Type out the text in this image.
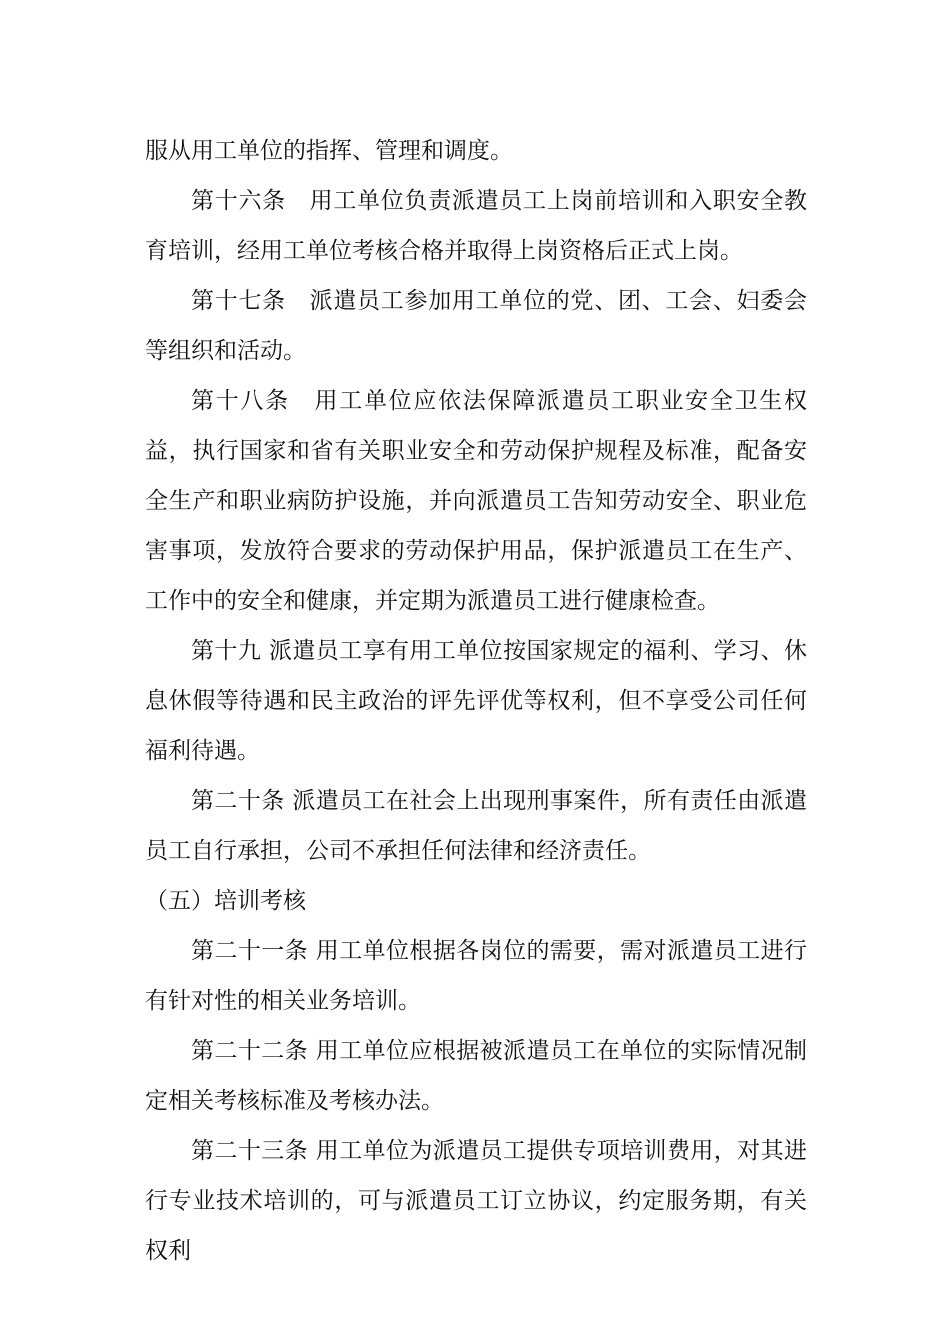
服从用工单位的指挥、管理和调度。

第十六条　用工单位负责派遣员工上岗前培训和入职安全教育培训，经用工单位考核合格并取得上岗资格后正式上岗。

第十七条　派遣员工参加用工单位的党、团、工会、妇委会等组织和活动。

第十八条　用工单位应依法保障派遣员工职业安全卫生权益，执行国家和省有关职业安全和劳动保护规程及标准，配备安全生产和职业病防护设施，并向派遣员工告知劳动安全、职业危害事项，发放符合要求的劳动保护用品，保护派遣员工在生产、工作中的安全和健康，并定期为派遣员工进行健康检查。

第十九 派遣员工享有用工单位按国家规定的福利、学习、休息休假等待遇和民主政治的评先评优等权利，但不享受公司任何福利待遇。

第二十条 派遣员工在社会上出现刑事案件，所有责任由派遣员工自行承担，公司不承担任何法律和经济责任。

（五）培训考核

第二十一条 用工单位根据各岗位的需要，需对派遣员工进行有针对性的相关业务培训。

第二十二条 用工单位应根据被派遣员工在单位的实际情况制定相关考核标准及考核办法。

第二十三条 用工单位为派遣员工提供专项培训费用，对其进行专业技术培训的，可与派遣员工订立协议，约定服务期，有关权利
